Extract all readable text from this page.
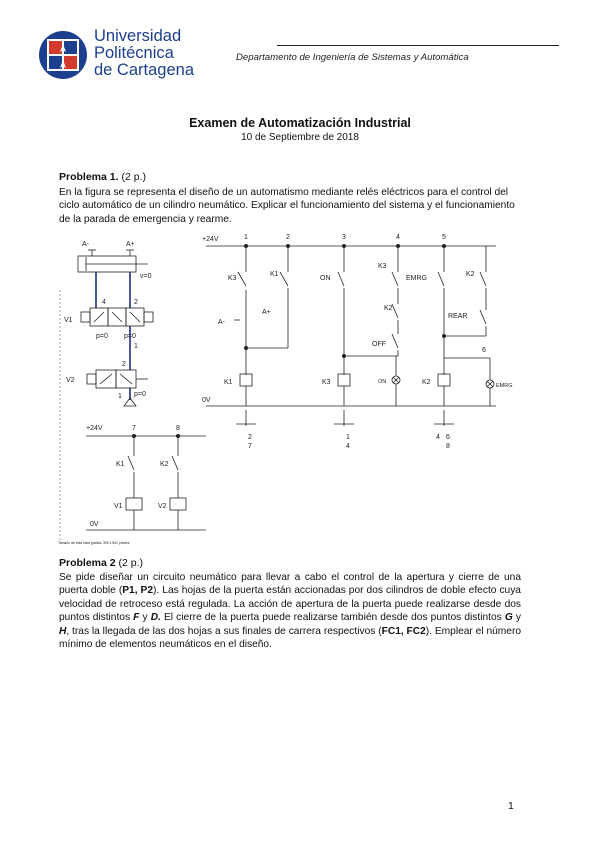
Universidad
Politécnica
de Cartagena
Departamento de Ingeniería de Sistemas y Automática
Examen de Automatización Industrial
10 de Septiembre de 2018
Problema 1. (2 p.)
En la figura se representa el diseño de un automatismo mediante relés eléctricos para el control del ciclo automático de un cilindro neumático. Explicar el funcionamiento del sistema y el funcionamiento de la parada de emergencia y rearme.
A-	A+
v=0
4	2
V1
p=0 p=0
1
2
V2
p=0
1
+24V
0V
1	2	3	4	5
K3
K1
ON
K3
EMRG
K2
A-
A+
K2
REAR
OFF
6
K1	K3	ON	K2	EMRG
2
7
1
4
4 6
8
+24V
0V
7	8
K1	K2
V1	V2
Tamaño de esta vista gráfica: 390 x 541 píxeles
Problema 2 (2 p.)
Se pide diseñar un circuito neumático para llevar a cabo el control de la apertura y cierre de una puerta doble (P1, P2). Las hojas de la puerta están accionadas por dos cilindros de doble efecto cuya velocidad de retroceso está regulada. La acción de apertura de la puerta puede realizarse desde dos puntos distintos F y D. El cierre de la puerta puede realizarse también desde dos puntos distintos G y H, tras la llegada de las dos hojas a sus finales de carrera respectivos (FC1, FC2). Emplear el número mínimo de elementos neumáticos en el diseño.
1
